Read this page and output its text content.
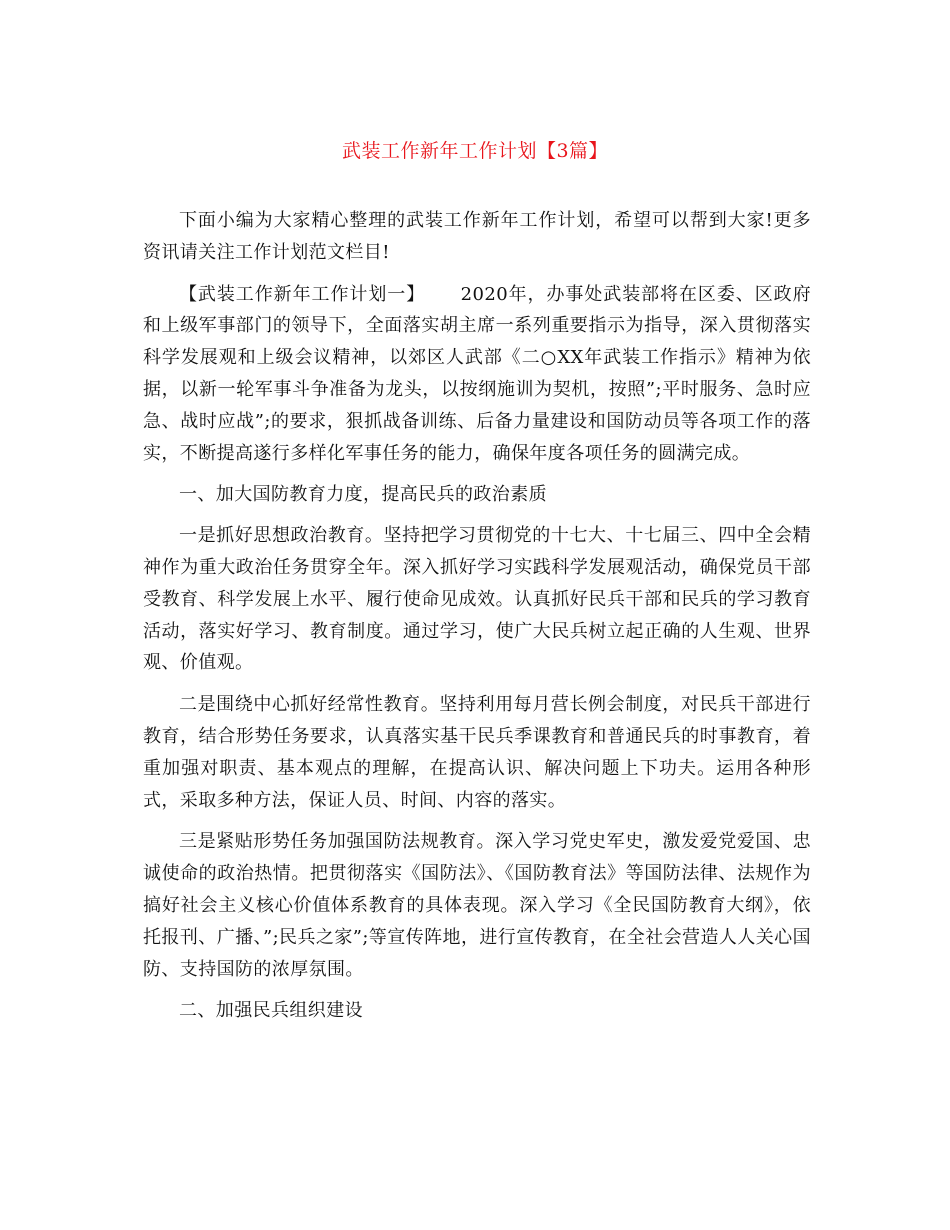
武装工作新年工作计划【3篇】

下面小编为大家精心整理的武装工作新年工作计划，希望可以帮到大家!更多资讯请关注工作计划范文栏目!

【武装工作新年工作计划一】　　 2020年，办事处武装部将在区委、区政府和上级军事部门的领导下，全面落实胡主席一系列重要指示为指导，深入贯彻落实科学发展观和上级会议精神，以郊区人武部《二○XX年武装工作指示》精神为依据，以新一轮军事斗争准备为龙头，以按纲施训为契机，按照”;平时服务、急时应急、战时应战”;的要求，狠抓战备训练、后备力量建设和国防动员等各项工作的落实，不断提高遂行多样化军事任务的能力，确保年度各项任务的圆满完成。

一、加大国防教育力度，提高民兵的政治素质

一是抓好思想政治教育。坚持把学习贯彻党的十七大、十七届三、四中全会精神作为重大政治任务贯穿全年。深入抓好学习实践科学发展观活动，确保党员干部受教育、科学发展上水平、履行使命见成效。认真抓好民兵干部和民兵的学习教育活动，落实好学习、教育制度。通过学习，使广大民兵树立起正确的人生观、世界观、价值观。

二是围绕中心抓好经常性教育。坚持利用每月营长例会制度，对民兵干部进行教育，结合形势任务要求，认真落实基干民兵季课教育和普通民兵的时事教育，着重加强对职责、基本观点的理解，在提高认识、解决问题上下功夫。运用各种形式，采取多种方法，保证人员、时间、内容的落实。

三是紧贴形势任务加强国防法规教育。深入学习党史军史，激发爱党爱国、忠诚使命的政治热情。把贯彻落实《国防法》、《国防教育法》等国防法律、法规作为搞好社会主义核心价值体系教育的具体表现。深入学习《全民国防教育大纲》，依托报刊、广播、”;民兵之家”;等宣传阵地，进行宣传教育，在全社会营造人人关心国防、支持国防的浓厚氛围。

二、加强民兵组织建设
